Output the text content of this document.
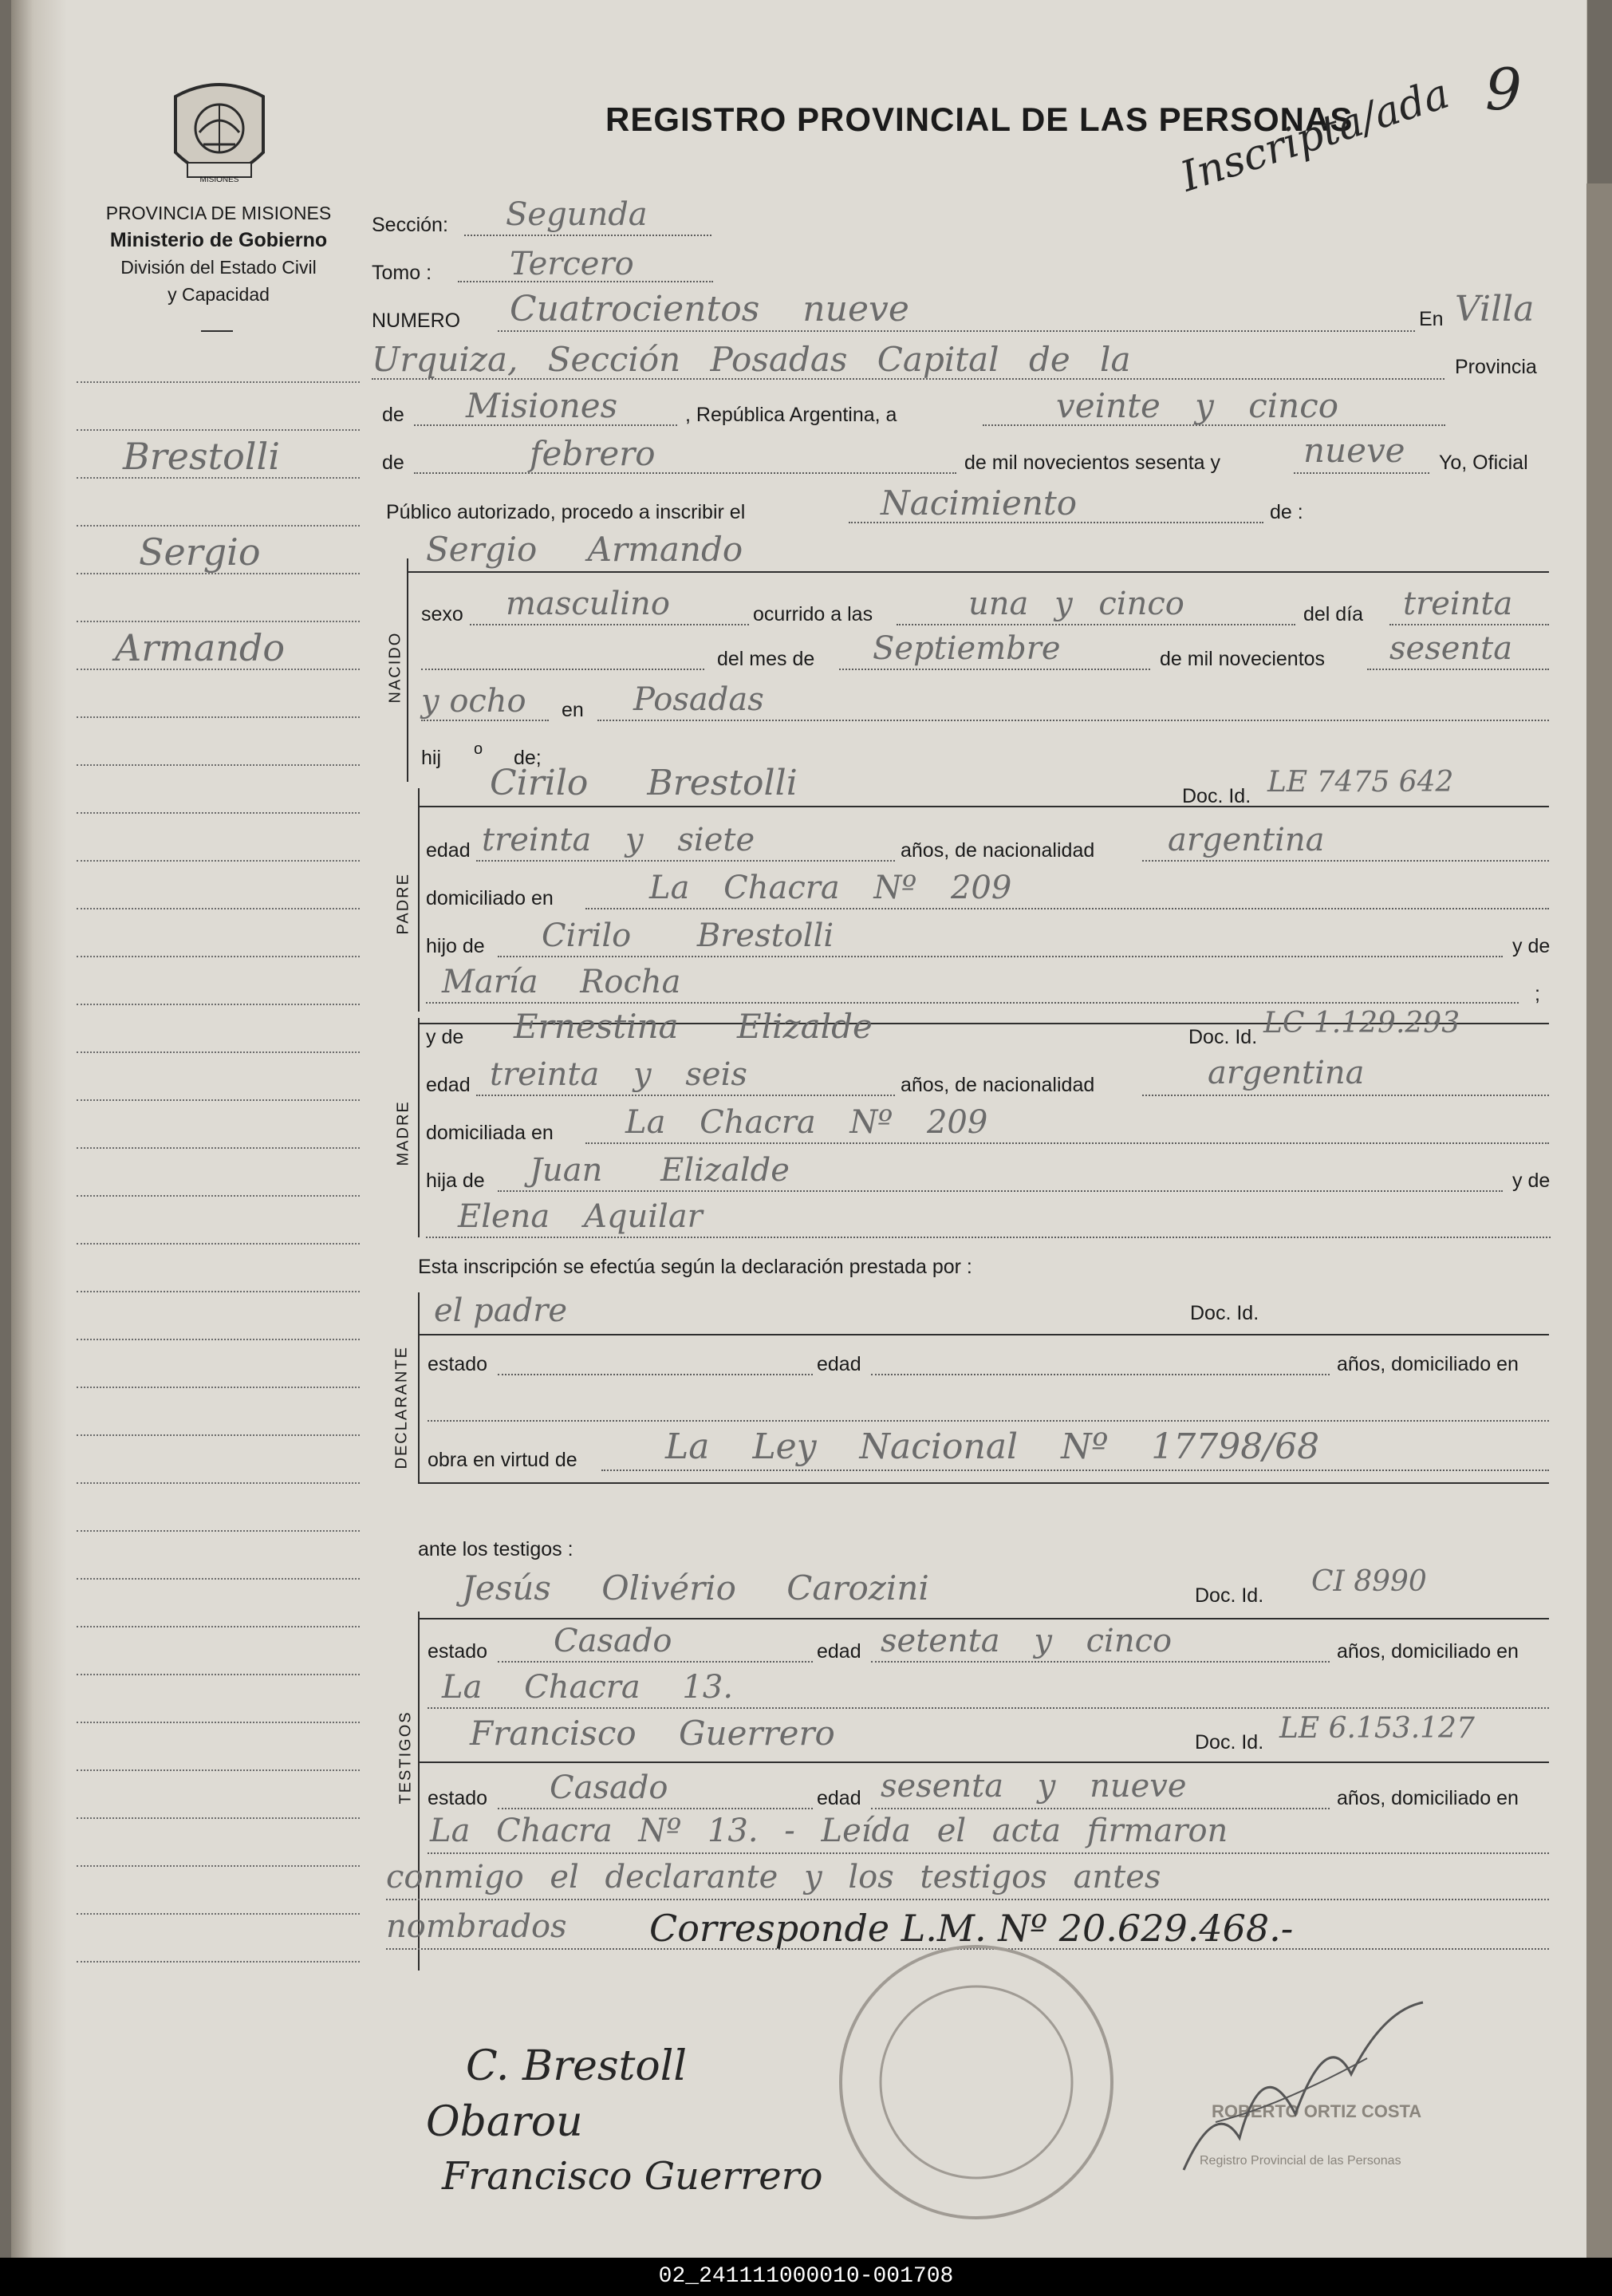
MISIONES
PROVINCIA DE MISIONES
Ministerio de Gobierno
División del Estado Civil
y Capacidad
REGISTRO PROVINCIAL DE LAS PERSONAS
Inscripta/ada 9
Brestolli
Sergio
Armando
Sección: Segunda
Tomo : Tercero
NUMERO Cuatrocientos nueve	En Villa
Urquiza, Sección Posadas Capital de la	Provincia
de Misiones	, República Argentina, a	veinte y cinco
de	febrero	de mil novecientos sesenta y nueve Yo, Oficial
Público autorizado, procedo a inscribir el	Nacimiento	de :
NACIDO
Sergio Armando
sexo masculino	ocurrido a las	una y cinco	del día treinta
del mes de Septiembre	de mil novecientos sesenta
y ocho en Posadas
hij o de;
PADRE
Cirilo Brestolli	Doc. Id. LE 7475 642
edad treinta y siete	años, de nacionalidad argentina
domiciliado en	La Chacra Nº 209
hijo de Cirilo Brestolli	y de
María Rocha	;
MADRE
y de Ernestina Elizalde	Doc. Id. LC 1.129.293
edad treinta y seis	años, de nacionalidad	argentina
domiciliada en La Chacra Nº 209
hija de Juan Elizalde	y de
Elena Aquilar
Esta inscripción se efectúa según la declaración prestada por :
DECLARANTE
el padre	Doc. Id.
estado	edad	años, domiciliado en
obra en virtud de	La Ley Nacional Nº 17798/68
ante los testigos :
TESTIGOS
Jesús Olivério Carozini	Doc. Id. CI 8990
estado Casado	edad setenta y cinco	años, domiciliado en
La Chacra 13.
Francisco Guerrero	Doc. Id. LE 6.153.127
estado Casado	edad sesenta y nueve	años, domiciliado en
La Chacra Nº 13. - Leída el acta firmaron
conmigo el declarante y los testigos antes
nombrados Corresponde L.M. Nº 20.629.468.-
ROBERTO ORTIZ COSTA
Registro Provincial de las Personas
C. Brestoll
Obarou
Francisco Guerrero
02_241111000010-001708
